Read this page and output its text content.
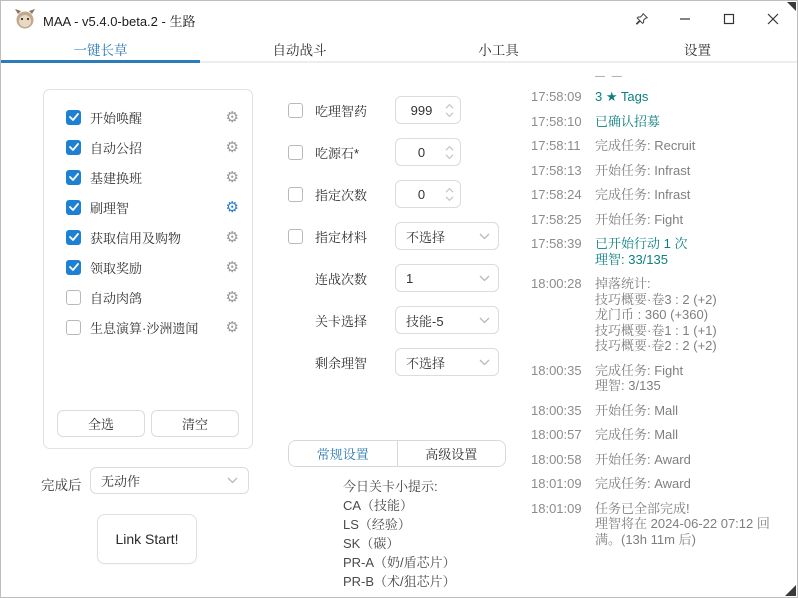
MAA - v5.4.0-beta.2 - 生路
一键长草	自动战斗	小工具	设置
开始唤醒	⚙
自动公招	⚙
基建换班	⚙
刷理智	⚙
获取信用及购物	⚙
领取奖励	⚙
自动肉鸽	⚙
生息演算·沙洲遗闻	⚙
全选	清空
完成后 无动作
Link Start!
吃理智药	999
吃源石*	0
指定次数	0
指定材料	不选择
连战次数	1
关卡选择	技能-5
剩余理智	不选择
常规设置	高级设置
今日关卡小提示:
CA（技能）
LS（经验）
SK（碳）
PR-A（奶/盾芯片）
PR-B（术/狙芯片）
— —
17:58:09	3 ★ Tags
17:58:10	已确认招募
17:58:11	完成任务: Recruit
17:58:13	开始任务: Infrast
17:58:24	完成任务: Infrast
17:58:25	开始任务: Fight
17:58:39	已开始行动 1 次
理智: 33/135
18:00:28	掉落统计:
技巧概要·卷3 : 2 (+2)
龙门币 : 360 (+360)
技巧概要·卷1 : 1 (+1)
技巧概要·卷2 : 2 (+2)
18:00:35	完成任务: Fight
理智: 3/135
18:00:35	开始任务: Mall
18:00:57	完成任务: Mall
18:00:58	开始任务: Award
18:01:09	完成任务: Award
18:01:09	任务已全部完成!
理智将在 2024-06-22 07:12 回满。(13h 11m 后)
